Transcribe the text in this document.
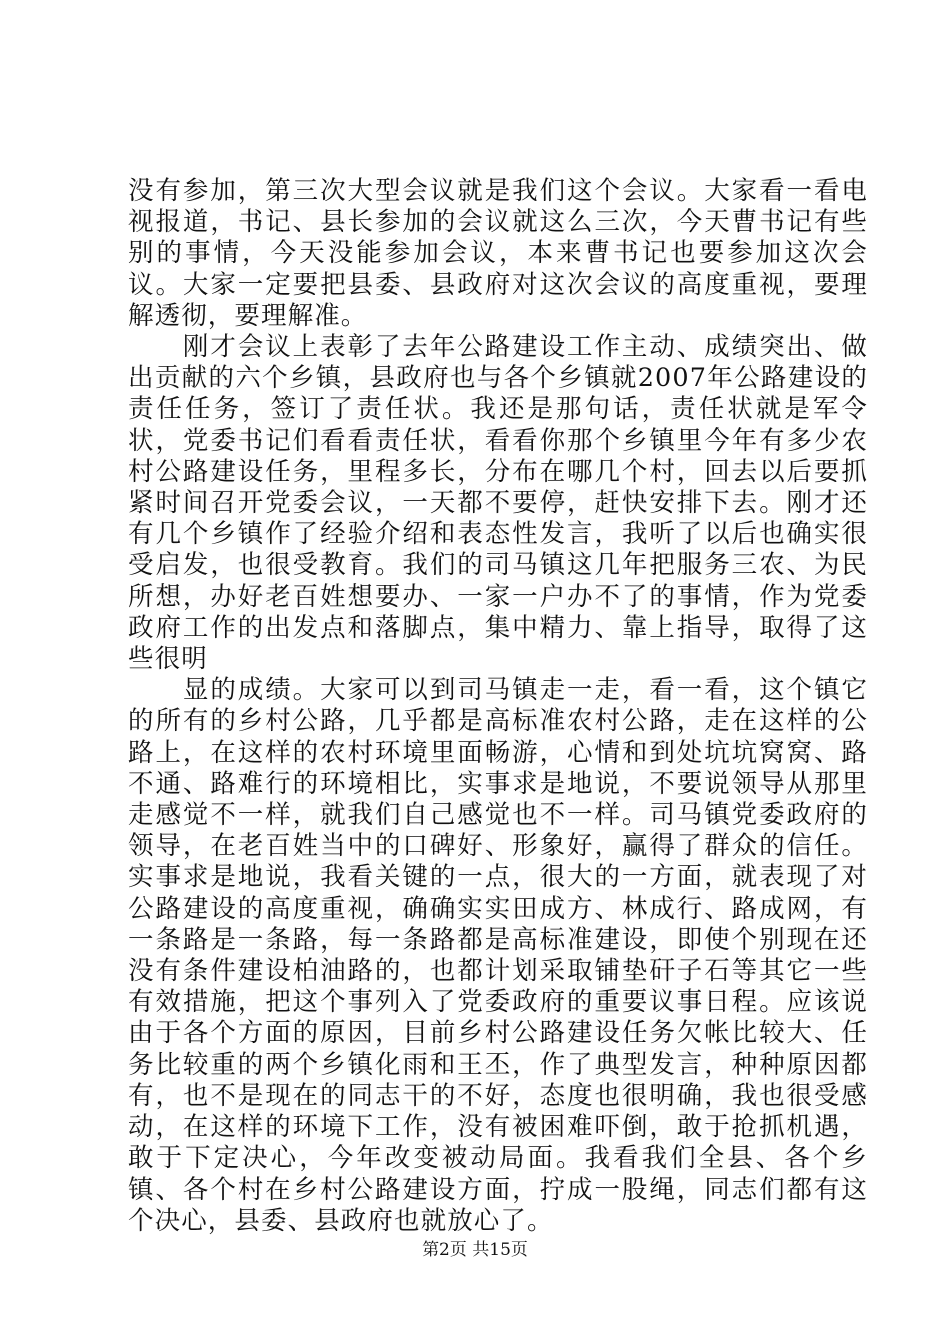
没有参加，第三次大型会议就是我们这个会议。大家看一看电视报道，书记、县长参加的会议就这么三次，今天曹书记有些别的事情，今天没能参加会议，本来曹书记也要参加这次会议。大家一定要把县委、县政府对这次会议的高度重视，要理解透彻，要理解准。

　　刚才会议上表彰了去年公路建设工作主动、成绩突出、做出贡献的六个乡镇，县政府也与各个乡镇就2007年公路建设的责任任务，签订了责任状。我还是那句话，责任状就是军令状，党委书记们看看责任状，看看你那个乡镇里今年有多少农村公路建设任务，里程多长，分布在哪几个村，回去以后要抓紧时间召开党委会议，一天都不要停，赶快安排下去。刚才还有几个乡镇作了经验介绍和表态性发言，我听了以后也确实很受启发，也很受教育。我们的司马镇这几年把服务三农、为民所想，办好老百姓想要办、一家一户办不了的事情，作为党委政府工作的出发点和落脚点，集中精力、靠上指导，取得了这些很明

　　显的成绩。大家可以到司马镇走一走，看一看，这个镇它的所有的乡村公路，几乎都是高标准农村公路，走在这样的公路上，在这样的农村环境里面畅游，心情和到处坑坑窝窝、路不通、路难行的环境相比，实事求是地说，不要说领导从那里走感觉不一样，就我们自己感觉也不一样。司马镇党委政府的领导，在老百姓当中的口碑好、形象好，赢得了群众的信任。实事求是地说，我看关键的一点，很大的一方面，就表现了对公路建设的高度重视，确确实实田成方、林成行、路成网，有一条路是一条路，每一条路都是高标准建设，即使个别现在还没有条件建设柏油路的，也都计划采取铺垫矸子石等其它一些有效措施，把这个事列入了党委政府的重要议事日程。应该说由于各个方面的原因，目前乡村公路建设任务欠帐比较大、任务比较重的两个乡镇化雨和王丕，作了典型发言，种种原因都有，也不是现在的同志干的不好，态度也很明确，我也很受感动，在这样的环境下工作，没有被困难吓倒，敢于抢抓机遇，敢于下定决心，今年改变被动局面。我看我们全县、各个乡镇、各个村在乡村公路建设方面，拧成一股绳，同志们都有这个决心，县委、县政府也就放心了。

第2页 共15页
